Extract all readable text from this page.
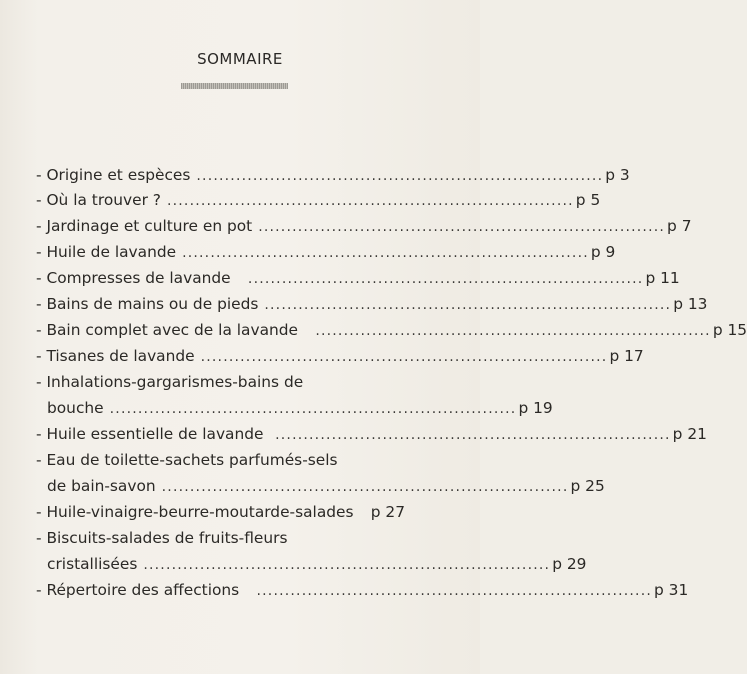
SOMMAIRE
- Origine et espèces ........................................................................ p 3
- Où la trouver ? ........................................................................ p 5
- Jardinage et culture en pot ........................................................................ p 7
- Huile de lavande ........................................................................ p 9
- Compresses de lavande ...................................................................... p 11
- Bains de mains ou de pieds ........................................................................ p 13
- Bain complet avec de la lavande ...................................................................... p 15
- Tisanes de lavande ........................................................................ p 17
- Inhalations-gargarismes-bains de
bouche ........................................................................ p 19
- Huile essentielle de lavande ...................................................................... p 21
- Eau de toilette-sachets parfumés-sels
de bain-savon ........................................................................ p 25
- Huile-vinaigre-beurre-moutarde-salades p 27
- Biscuits-salades de fruits-fleurs
cristallisées ........................................................................ p 29
- Répertoire des affections ...................................................................... p 31
